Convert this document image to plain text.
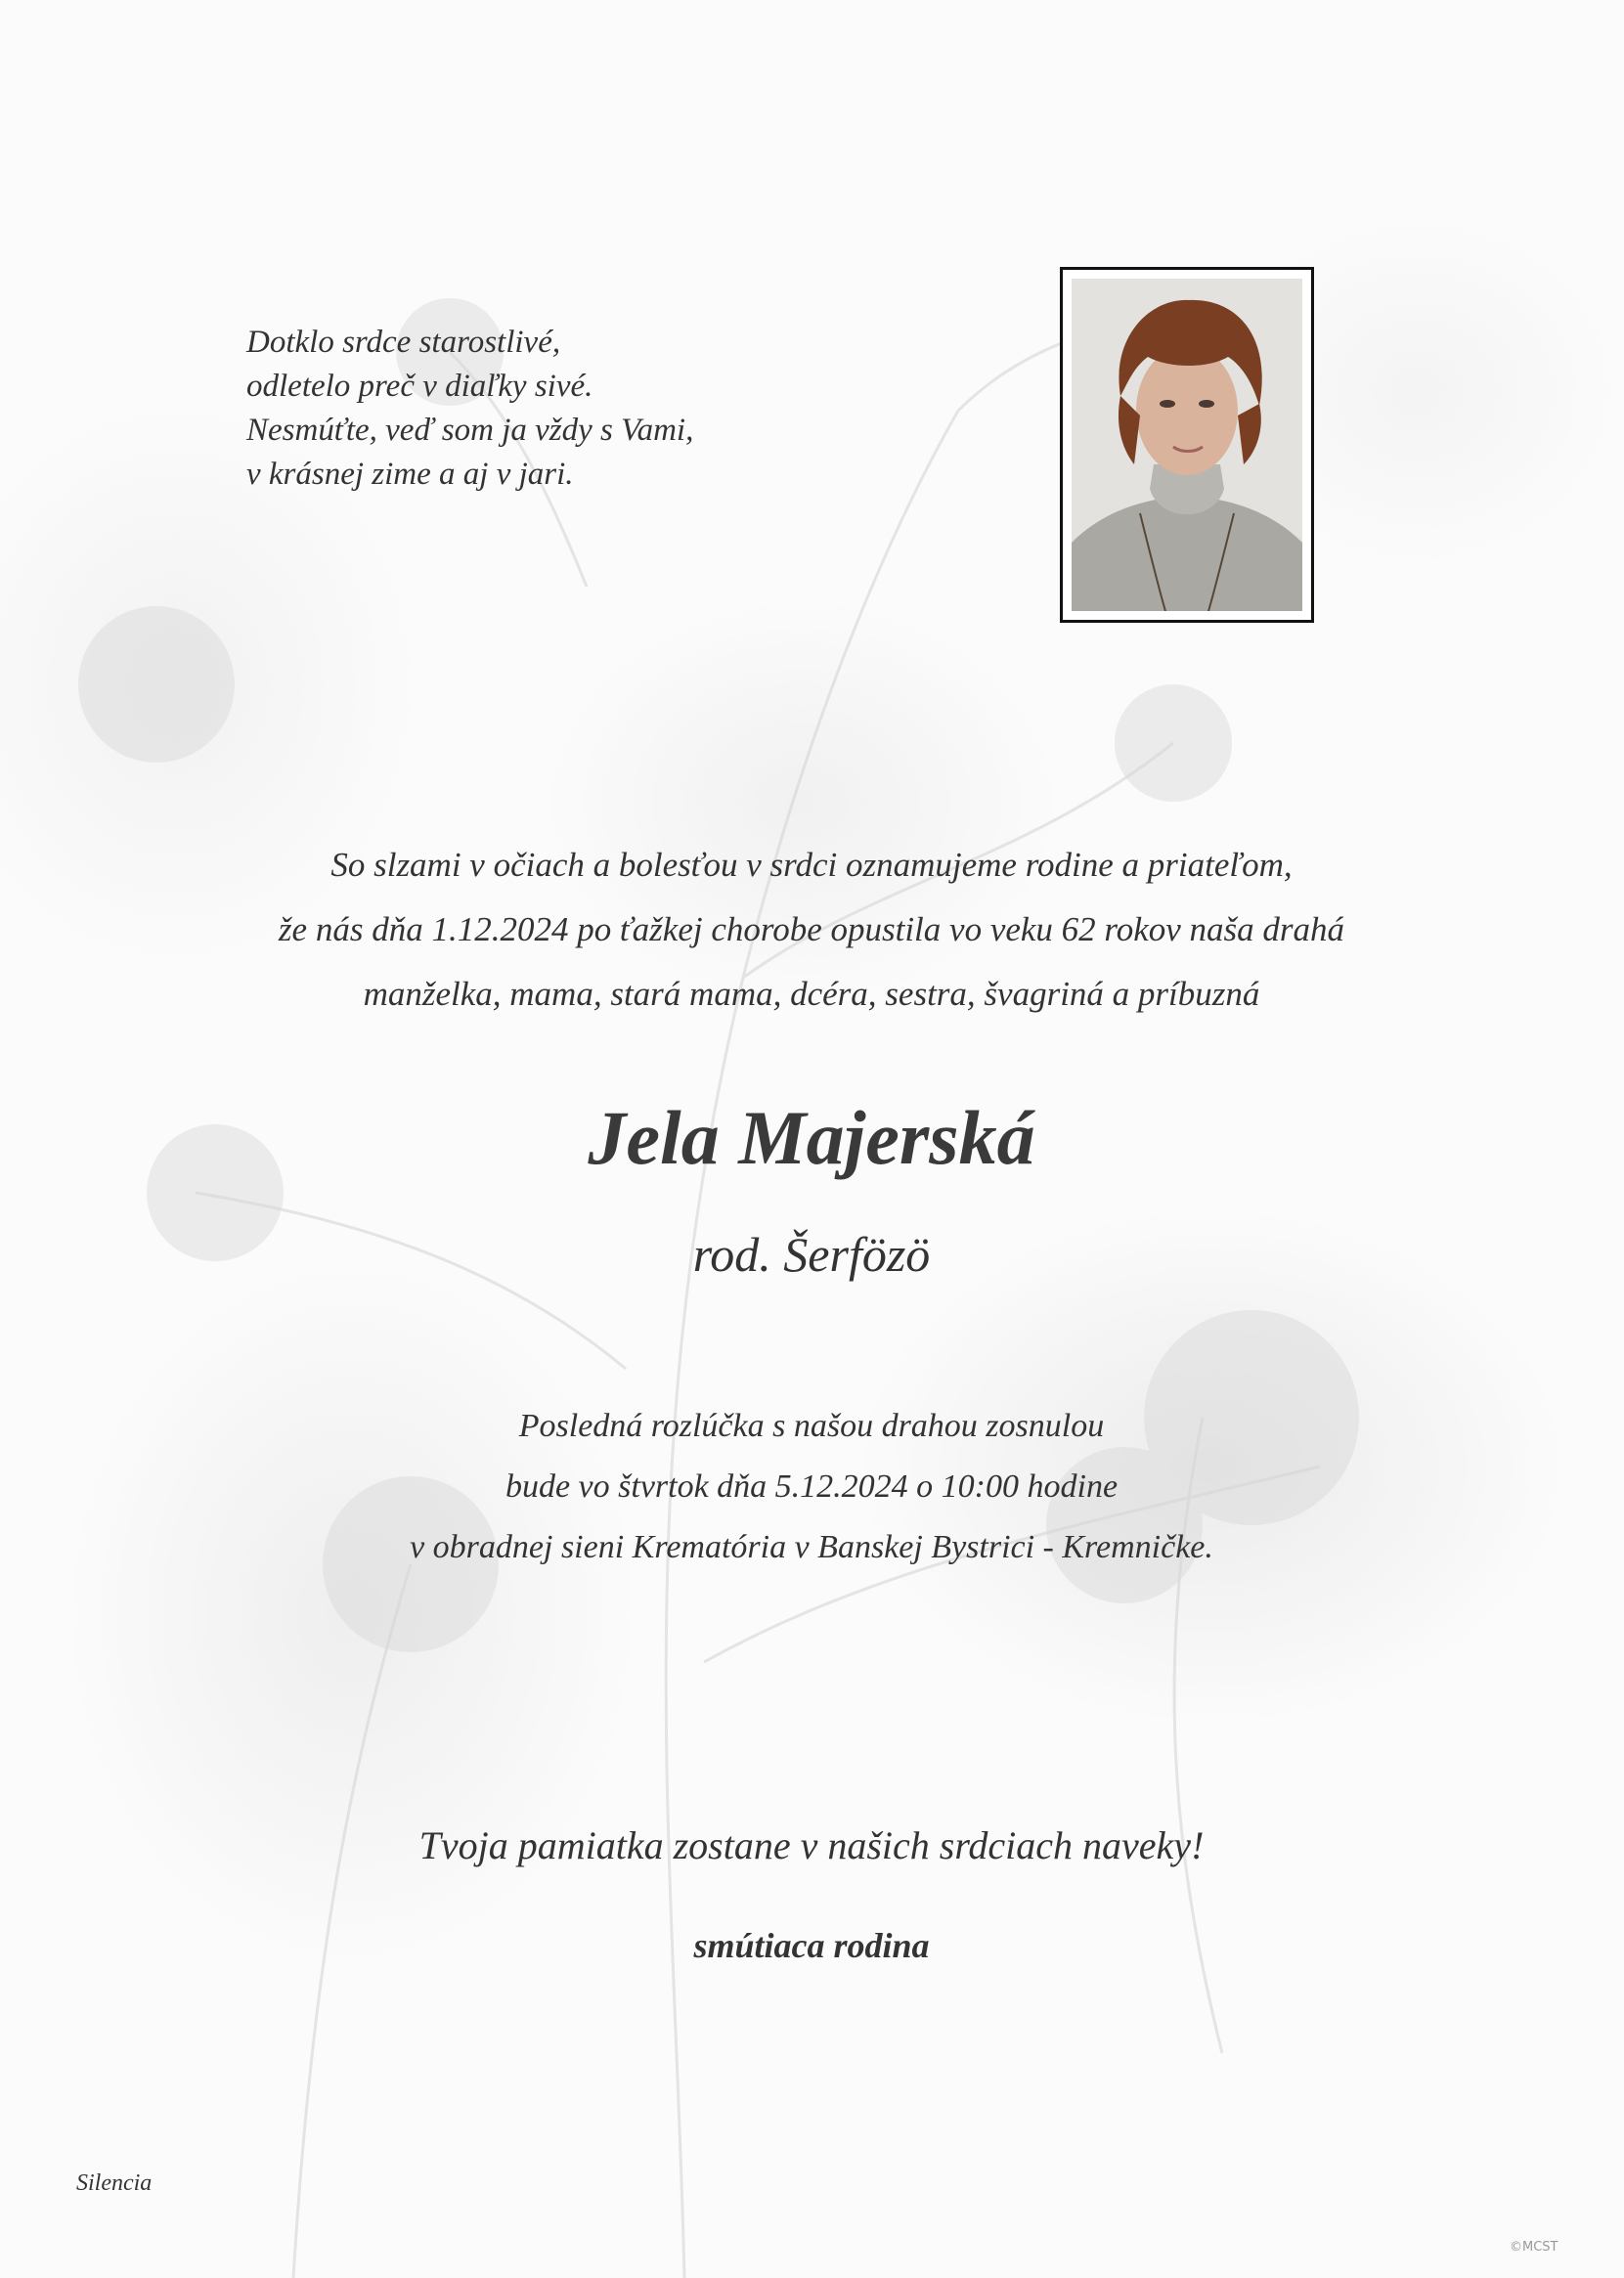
Dotklo srdce starostlivé,
odletelo preč v diaľky sivé.
Nesmúťte, veď som ja vždy s Vami,
v krásnej zime a aj v jari.
So slzami v očiach a bolesťou v srdci oznamujeme rodine a priateľom,
že nás dňa 1.12.2024 po ťažkej chorobe opustila vo veku 62 rokov naša drahá
manželka, mama, stará mama, dcéra, sestra, švagriná a príbuzná
Jela Majerská
rod. Šerfözö
Posledná rozlúčka s našou drahou zosnulou
bude vo štvrtok dňa 5.12.2024 o 10:00 hodine
v obradnej sieni Krematória v Banskej Bystrici - Kremničke.
Tvoja pamiatka zostane v našich srdciach naveky!
smútiaca rodina
Silencia
©MCST
